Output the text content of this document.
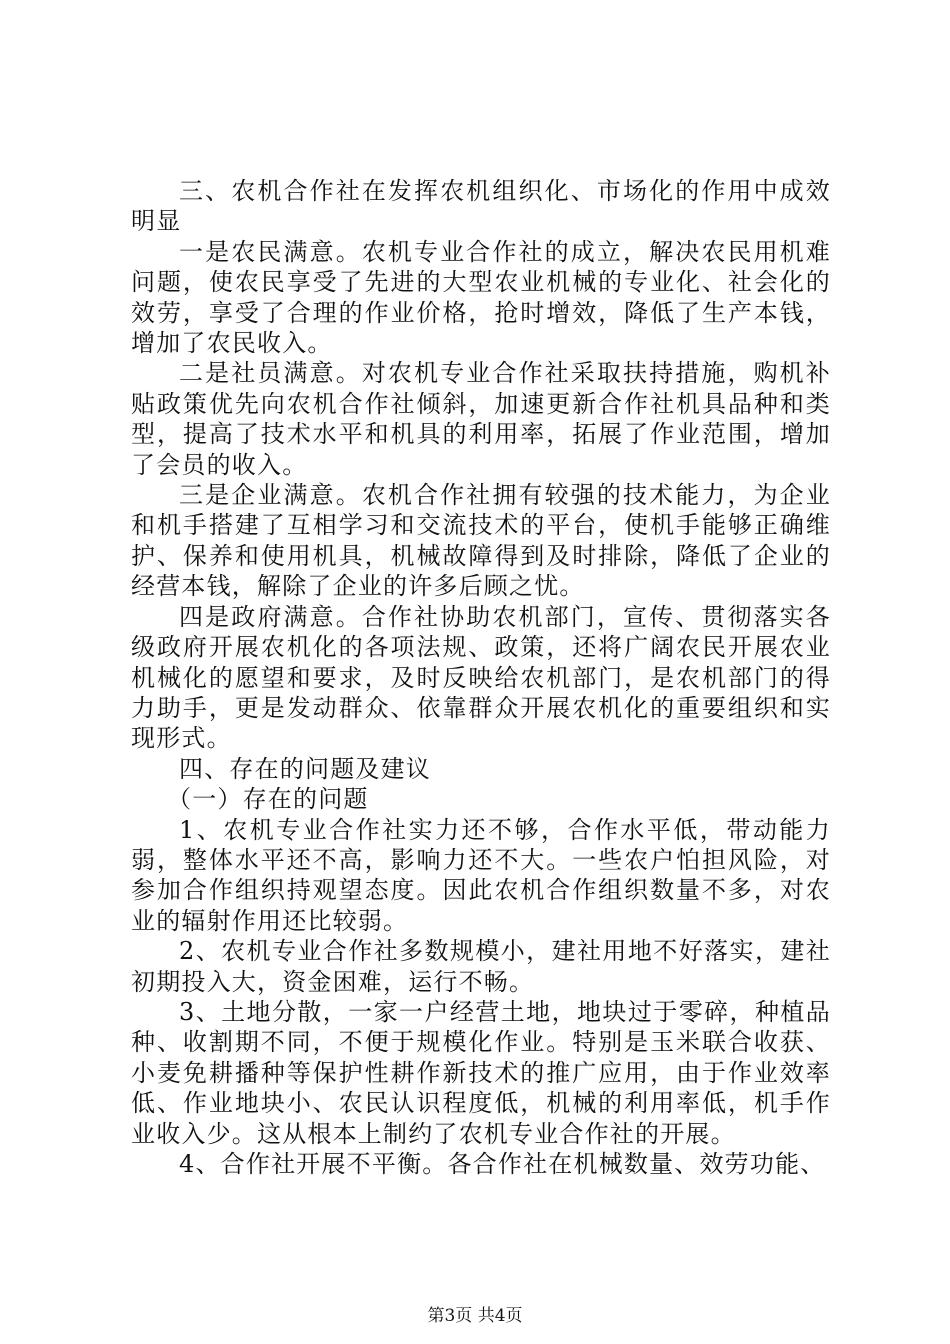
三、农机合作社在发挥农机组织化、市场化的作用中成效明显

一是农民满意。农机专业合作社的成立，解决农民用机难问题，使农民享受了先进的大型农业机械的专业化、社会化的效劳，享受了合理的作业价格，抢时增效，降低了生产本钱，增加了农民收入。

二是社员满意。对农机专业合作社采取扶持措施，购机补贴政策优先向农机合作社倾斜，加速更新合作社机具品种和类型，提高了技术水平和机具的利用率，拓展了作业范围，增加了会员的收入。

三是企业满意。农机合作社拥有较强的技术能力，为企业和机手搭建了互相学习和交流技术的平台，使机手能够正确维护、保养和使用机具，机械故障得到及时排除，降低了企业的经营本钱，解除了企业的许多后顾之忧。

四是政府满意。合作社协助农机部门，宣传、贯彻落实各级政府开展农机化的各项法规、政策，还将广阔农民开展农业机械化的愿望和要求，及时反映给农机部门，是农机部门的得力助手，更是发动群众、依靠群众开展农机化的重要组织和实现形式。

四、存在的问题及建议

（一）存在的问题

1、农机专业合作社实力还不够，合作水平低，带动能力弱，整体水平还不高，影响力还不大。一些农户怕担风险，对参加合作组织持观望态度。因此农机合作组织数量不多，对农业的辐射作用还比较弱。

2、农机专业合作社多数规模小，建社用地不好落实，建社初期投入大，资金困难，运行不畅。

3、土地分散，一家一户经营土地，地块过于零碎，种植品种、收割期不同，不便于规模化作业。特别是玉米联合收获、小麦免耕播种等保护性耕作新技术的推广应用，由于作业效率低、作业地块小、农民认识程度低，机械的利用率低，机手作业收入少。这从根本上制约了农机专业合作社的开展。

4、合作社开展不平衡。各合作社在机械数量、效劳功能、

第3页 共4页
